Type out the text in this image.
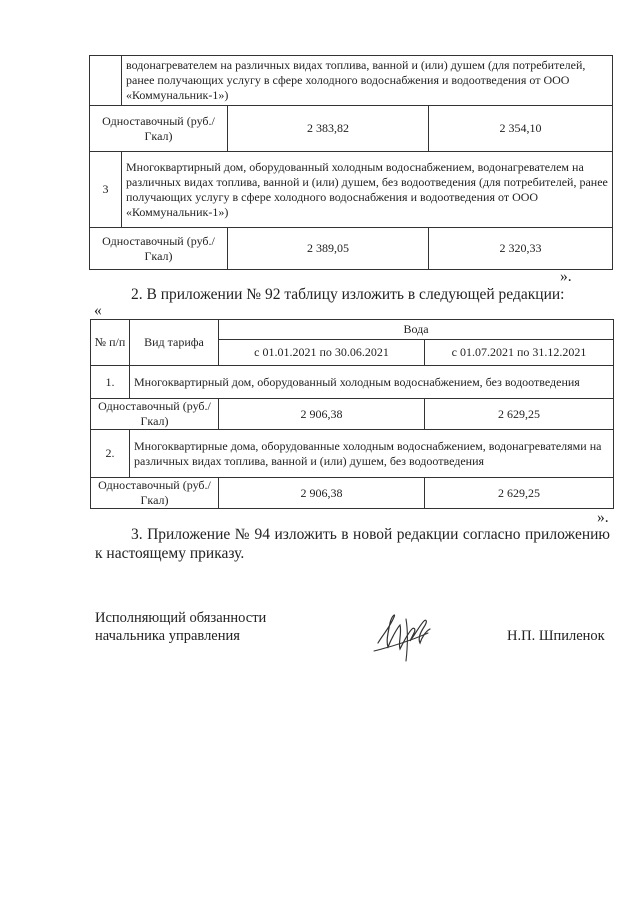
	водонагревателем на различных видах топлива, ванной и (или) душем (для потребителей, ранее получающих услугу в сфере холодного водоснабжения и водоотведения от ООО «Коммунальник-1»)		
Одноставочный (руб./Гкал)		2 383,82	2 354,10
3	Многоквартирный дом, оборудованный холодным водоснабжением, водонагревателем на различных видах топлива, ванной и (или) душем, без водоотведения (для потребителей, ранее получающих услугу в сфере холодного водоснабжения и водоотведения от ООО «Коммунальник-1»)		
Одноставочный (руб./Гкал)		2 389,05	2 320,33
».
2. В приложении № 92 таблицу изложить в следующей редакции:
«
№ п/п	Вид тарифа	Вода	
		с 01.01.2021 по 30.06.2021	с 01.07.2021 по 31.12.2021
1.	Многоквартирный дом, оборудованный холодным водоснабжением, без водоотведения		
Одноставочный (руб./Гкал)		2 906,38	2 629,25
2.	Многоквартирные дома, оборудованные холодным водоснабжением, водонагревателями на различных видах топлива, ванной и (или) душем, без водоотведения		
Одноставочный (руб./Гкал)		2 906,38	2 629,25
».
3. Приложение № 94 изложить в новой редакции согласно приложению к настоящему приказу.
Исполняющий обязанности
начальника управления	Н.П. Шпиленок
